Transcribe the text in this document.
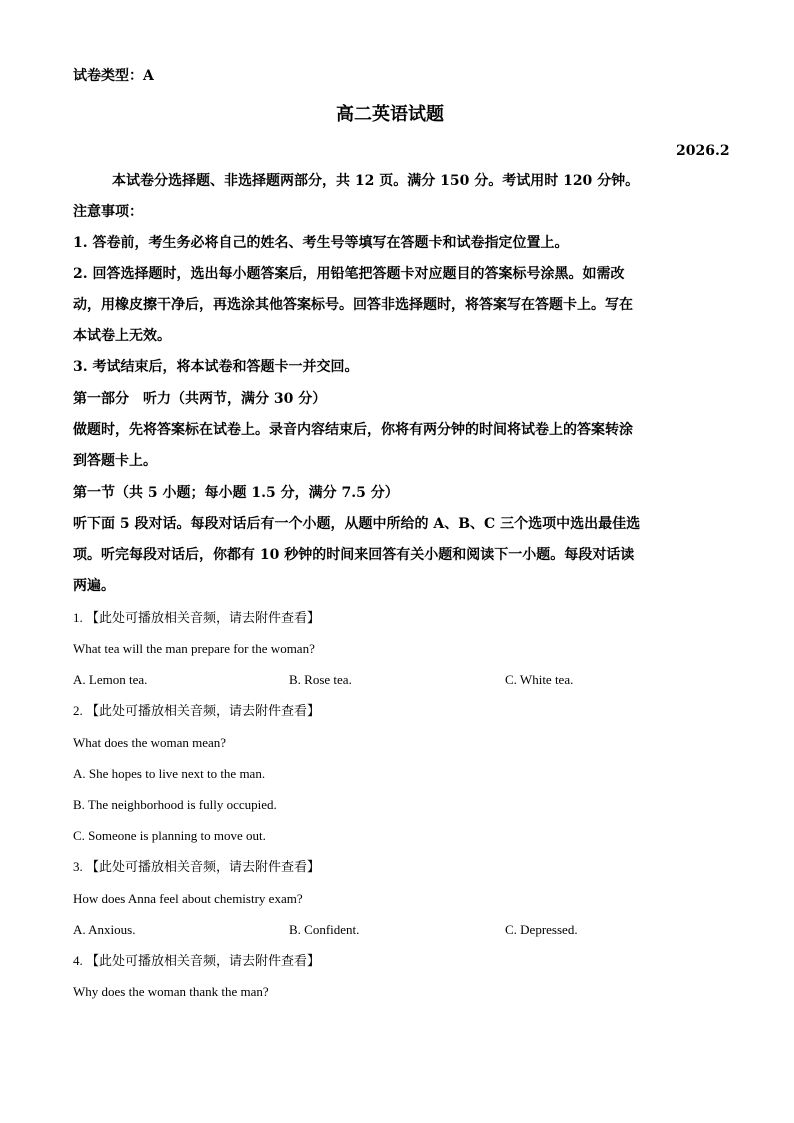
试卷类型：A
高二英语试题
2026.2
本试卷分选择题、非选择题两部分，共 12 页。满分 150 分。考试用时 120 分钟。
注意事项：
1. 答卷前，考生务必将自己的姓名、考生号等填写在答题卡和试卷指定位置上。
2. 回答选择题时，选出每小题答案后，用铅笔把答题卡对应题目的答案标号涂黑。如需改
动，用橡皮擦干净后，再选涂其他答案标号。回答非选择题时，将答案写在答题卡上。写在
本试卷上无效。
3. 考试结束后，将本试卷和答题卡一并交回。
第一部分　听力（共两节，满分 30 分）
做题时，先将答案标在试卷上。录音内容结束后，你将有两分钟的时间将试卷上的答案转涂
到答题卡上。
第一节（共 5 小题；每小题 1.5 分，满分 7.5 分）
听下面 5 段对话。每段对话后有一个小题，从题中所给的 A、B、C 三个选项中选出最佳选
项。听完每段对话后，你都有 10 秒钟的时间来回答有关小题和阅读下一小题。每段对话读
两遍。
1. 【此处可播放相关音频，请去附件查看】
What tea will the man prepare for the woman?
A. Lemon tea.	B. Rose tea.	C. White tea.
2. 【此处可播放相关音频，请去附件查看】
What does the woman mean?
A. She hopes to live next to the man.
B. The neighborhood is fully occupied.
C. Someone is planning to move out.
3. 【此处可播放相关音频，请去附件查看】
How does Anna feel about chemistry exam?
A. Anxious.	B. Confident.	C. Depressed.
4. 【此处可播放相关音频，请去附件查看】
Why does the woman thank the man?
